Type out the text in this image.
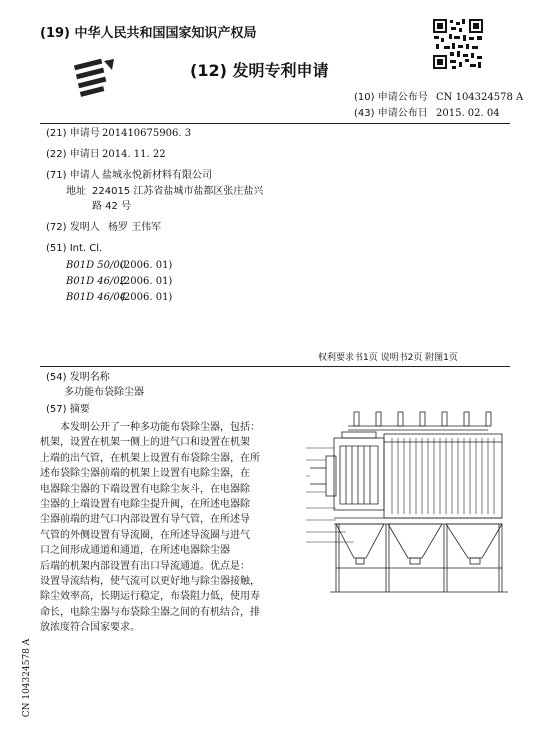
(19) 中华人民共和国国家知识产权局
(12) 发明专利申请
(10) 申请公布号 CN 104324578 A
(43) 申请公布日 2015. 02. 04
(21) 申请号 201410675906. 3
(22) 申请日 2014. 11. 22
(71) 申请人 盐城永悦新材料有限公司
地址 224015 江苏省盐城市盐都区张庄盐兴
路 42 号
(72) 发明人 杨罗 王伟军
(51) Int. Cl.
B01D 50/00
(2006. 01)
B01D 46/02
(2006. 01)
B01D 46/04
(2006. 01)
权利要求书1页 说明书2页 附图1页
(54) 发明名称
多功能布袋除尘器
(57) 摘要
本发明公开了一种多功能布袋除尘器，包括：
机架，设置在机架一侧上的进气口和设置在机架
上端的出气管，在机架上设置有布袋除尘器，在所
述布袋除尘器前端的机架上设置有电除尘器，在
电器除尘器的下端设置有电除尘灰斗，在电器除
尘器的上端设置有电除尘提升阀，在所述电器除
尘器前端的进气口内部设置有导气管，在所述导
气管的外侧设置有导流圈，在所述导流圈与进气
口之间形成通道和通道，在所述电器除尘器
后端的机架内部设置有出口导流通道。优点是：
设置导流结构，使气流可以更好地与除尘器接触，
除尘效率高，长期运行稳定，布袋阻力低，使用寿
命长，电除尘器与布袋除尘器之间的有机结合，排
放浓度符合国家要求。
CN 104324578 A
